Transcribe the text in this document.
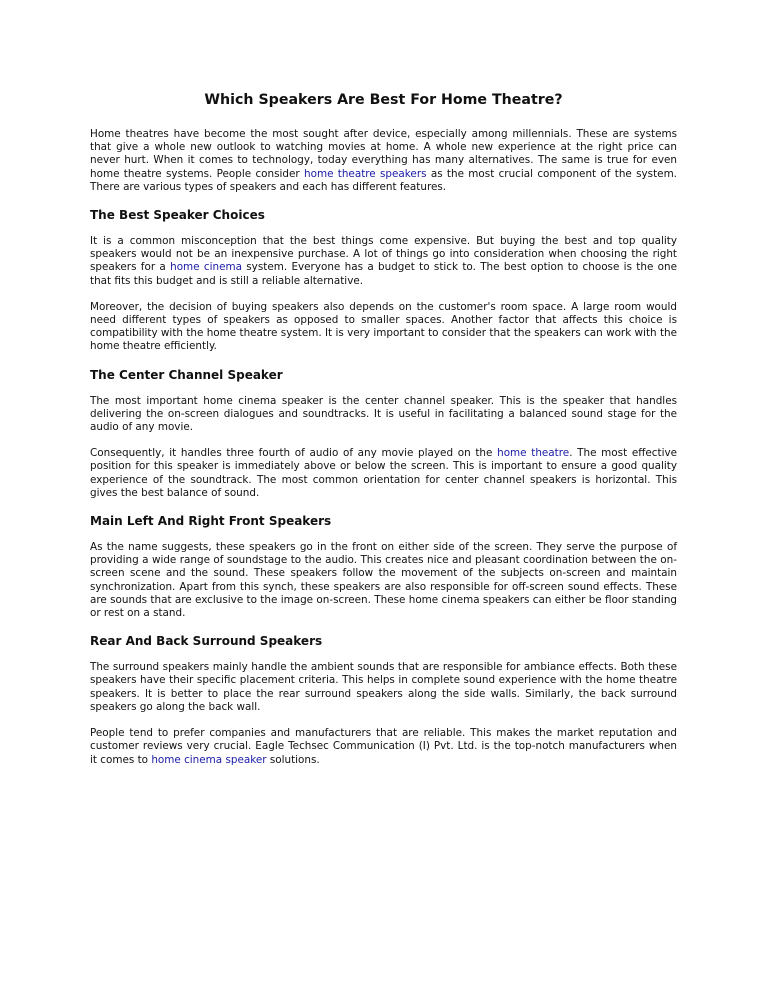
Which Speakers Are Best For Home Theatre?

Home theatres have become the most sought after device, especially among millennials. These are systems that give a whole new outlook to watching movies at home. A whole new experience at the right price can never hurt. When it comes to technology, today everything has many alternatives. The same is true for even home theatre systems. People consider home theatre speakers as the most crucial component of the system. There are various types of speakers and each has different features.

The Best Speaker Choices

It is a common misconception that the best things come expensive. But buying the best and top quality speakers would not be an inexpensive purchase. A lot of things go into consideration when choosing the right speakers for a home cinema system. Everyone has a budget to stick to. The best option to choose is the one that fits this budget and is still a reliable alternative.

Moreover, the decision of buying speakers also depends on the customer's room space. A large room would need different types of speakers as opposed to smaller spaces. Another factor that affects this choice is compatibility with the home theatre system. It is very important to consider that the speakers can work with the home theatre efficiently.

The Center Channel Speaker

The most important home cinema speaker is the center channel speaker. This is the speaker that handles delivering the on-screen dialogues and soundtracks. It is useful in facilitating a balanced sound stage for the audio of any movie.

Consequently, it handles three fourth of audio of any movie played on the home theatre. The most effective position for this speaker is immediately above or below the screen. This is important to ensure a good quality experience of the soundtrack. The most common orientation for center channel speakers is horizontal. This gives the best balance of sound.

Main Left And Right Front Speakers

As the name suggests, these speakers go in the front on either side of the screen. They serve the purpose of providing a wide range of soundstage to the audio. This creates nice and pleasant coordination between the on-screen scene and the sound. These speakers follow the movement of the subjects on-screen and maintain synchronization. Apart from this synch, these speakers are also responsible for off-screen sound effects. These are sounds that are exclusive to the image on-screen. These home cinema speakers can either be floor standing or rest on a stand.

Rear And Back Surround Speakers

The surround speakers mainly handle the ambient sounds that are responsible for ambiance effects. Both these speakers have their specific placement criteria. This helps in complete sound experience with the home theatre speakers. It is better to place the rear surround speakers along the side walls. Similarly, the back surround speakers go along the back wall.

People tend to prefer companies and manufacturers that are reliable. This makes the market reputation and customer reviews very crucial. Eagle Techsec Communication (I) Pvt. Ltd. is the top-notch manufacturers when it comes to home cinema speaker solutions.
